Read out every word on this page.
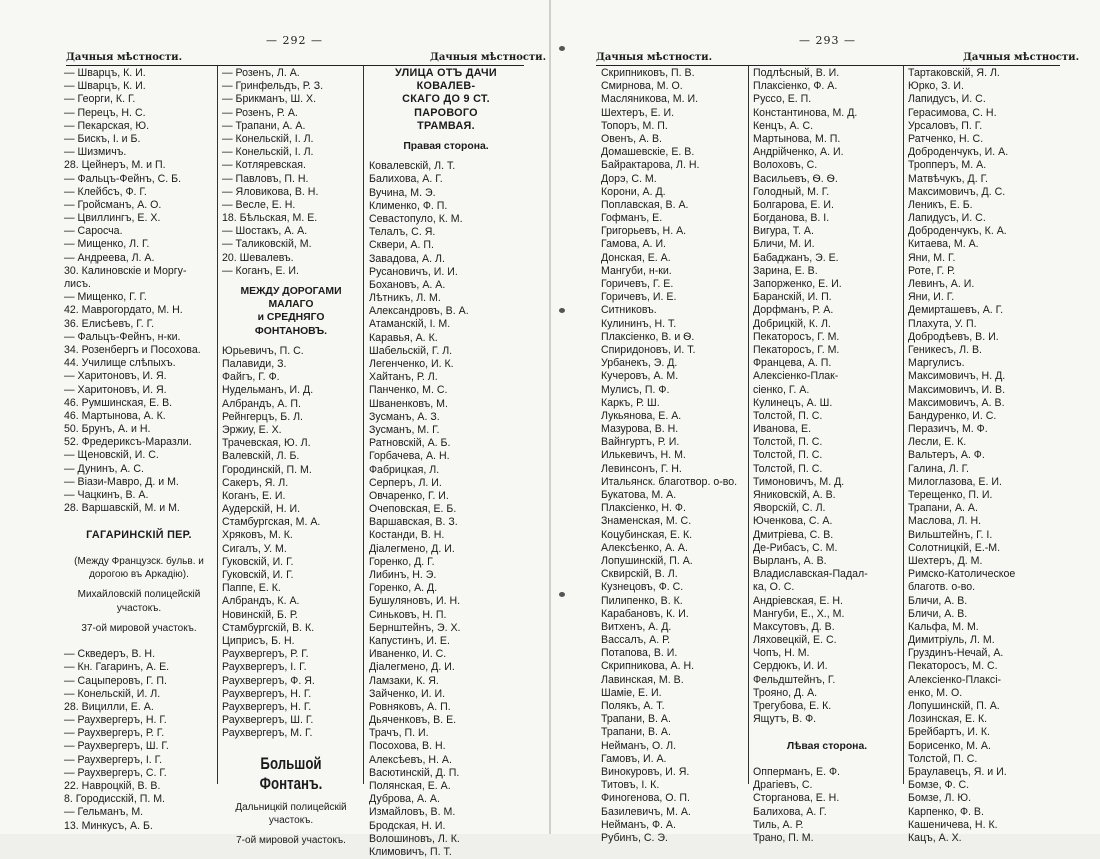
— 292 —
Дачныя мѣстности.	Дачныя мѣстности.
— Шварцъ, К. И.
— Шварцъ, К. И.
— Георги, К. Г.
— Перецъ, Н. С.
— Пекарская, Ю.
— Бискъ, І. и Б.
— Шизмичъ.
28. Цейнеръ, М. и П.
— Фальцъ-Фейнъ, С. Б.
— Клейбсъ, Ф. Г.
— Гройсманъ, А. О.
— Цвиллингъ, Е. Х.
— Саросча.
— Мищенко, Л. Г.
— Андреева, Л. А.
30. Калиновскіе и Моргу-
лисъ.
— Мищенко, Г. Г.
42. Маврогордато, М. Н.
36. Елисѣевъ, Г. Г.
— Фальцъ-Фейнъ, н-ки.
34. Розенбергъ и Посохова.
44. Училище слѣпыхъ.
— Харитоновъ, И. Я.
— Харитоновъ, И. Я.
46. Румшинская, Е. В.
46. Мартынова, А. К.
50. Брунъ, А. и Н.
52. Фредериксъ-Маразли.
— Щеновскій, И. С.
— Дунинъ, А. С.
— Віази-Мавро, Д. и М.
— Чацкинъ, В. А.
28. Варшавскій, М. и М.
ГАГАРИНСКІЙ ПЕР.
(Между Французск. бульв. и дорогою въ Аркадію).
Михайловскій полицейскій участокъ.
37-ой мировой участокъ.
— Скведеръ, В. Н.
— Кн. Гагаринъ, А. Е.
— Сацыперовъ, Г. П.
— Конельскій, И. Л.
28. Вицилли, Е. А.
— Раухвергеръ, Н. Г.
— Раухвергеръ, Р. Г.
— Раухвергеръ, Ш. Г.
— Раухвергеръ, І. Г.
— Раухвергеръ, С. Г.
22. Навроцкій, В. В.
8. Городисскій, П. М.
— Гельманъ, М.
13. Минкусъ, А. Б.
— Розенъ, Л. А.
— Гринфельдъ, Р. З.
— Брикманъ, Ш. Х.
— Розенъ, Р. А.
— Трапани, А. А.
— Конельскій, І. Л.
— Конельскій, І. Л.
— Котляревская.
— Павловъ, П. Н.
— Яловикова, В. Н.
— Весле, Е. Н.
18. Бѣльская, М. Е.
— Шостакъ, А. А.
— Таликовскій, М.
20. Шевалевъ.
— Коганъ, Е. И.
МЕЖДУ ДОРОГАМИ МАЛАГО
и СРЕДНЯГО ФОНТАНОВЪ.
Юрьевичъ, П. С.
Палавиди, З.
Файгъ, Г. Ф.
Нудельманъ, И. Д.
Албрандъ, А. П.
Рейнгерцъ, Б. Л.
Эржиу, Е. Х.
Трачевская, Ю. Л.
Валевскій, Л. Б.
Городинскій, П. М.
Сакеръ, Я. Л.
Коганъ, Е. И.
Аудерскій, Н. И.
Стамбургская, М. А.
Хряковъ, М. К.
Сигалъ, У. М.
Гуковскій, И. Г.
Гуковскій, И. Г.
Паппе, Е. К.
Албрандъ, К. А.
Новинскій, Б. Р.
Стамбургскій, В. К.
Циприсъ, Б. Н.
Раухвергеръ, Р. Г.
Раухвергеръ, І. Г.
Раухвергеръ, Ф. Я.
Раухвергеръ, Н. Г.
Раухвергеръ, Н. Г.
Раухвергеръ, Ш. Г.
Раухвергеръ, М. Г.
Большой Фонтанъ.
Дальницкій полицейскій участокъ.
7-ой мировой участокъ.
УЛИЦА ОТЪ ДАЧИ КОВАЛЕВ-
СКАГО ДО 9 СТ. ПАРОВОГО
ТРАМВАЯ.
Правая сторона.
Ковалевскій, Л. Т.
Балихова, А. Г.
Вучина, М. Э.
Клименко, Ф. П.
Севастопуло, К. М.
Телалъ, С. Я.
Сквери, А. П.
Завадова, А. Л.
Русановичъ, И. И.
Бохановъ, А. А.
Лѣтникъ, Л. М.
Александровъ, В. А.
Атаманскій, І. М.
Каравья, А. К.
Шабельскій, Г. Л.
Легенченко, И. К.
Хайтанъ, Р. Л.
Панченко, М. С.
Шваненковъ, М.
Зусманъ, А. З.
Зусманъ, М. Г.
Ратновскій, А. Б.
Горбачева, А. Н.
Фабрицкая, Л.
Серперъ, Л. И.
Овчаренко, Г. И.
Очеповская, Е. Б.
Варшавская, В. З.
Костанди, В. Н.
Діалегмено, Д. И.
Горенко, Д. Г.
Либинъ, Н. Э.
Горенко, А. Д.
Бушуляновъ, И. Н.
Синьковъ, Н. П.
Бернштейнъ, Э. Х.
Капустинъ, И. Е.
Иваненко, И. С.
Діалегмено, Д. И.
Ламзаки, К. Я.
Зайченко, И. И.
Ровняковъ, А. П.
Дьяченковъ, В. Е.
Трачъ, П. И.
Посохова, В. Н.
Алексѣевъ, Н. А.
Васютинскій, Д. П.
Полянская, Е. А.
Дуброва, А. А.
Измайловъ, В. М.
Бродская, Н. И.
Волошиновъ, Л. К.
Климовичъ, П. Т.
— 293 —
Дачныя мѣстности.	Дачныя мѣстности.
Скрипниковъ, П. В.
Смирнова, М. О.
Масляникова, М. И.
Шехтеръ, Е. И.
Топоръ, М. П.
Овенъ, А. В.
Домашевскіе, Е. В.
Байрактарова, Л. Н.
Дорэ, С. М.
Корони, А. Д.
Поплавская, В. А.
Гофманъ, Е.
Григорьевъ, Н. А.
Гамова, А. И.
Донская, Е. А.
Мангуби, н-ки.
Горичевъ, Г. Е.
Горичевъ, И. Е.
Ситниковъ.
Кулининъ, Н. Т.
Плаксіенко, В. и Ѳ.
Спиридоновъ, И. Т.
Урбанекъ, Э. Д.
Кучеровъ, А. М.
Мулисъ, П. Ф.
Каркъ, Р. Ш.
Лукьянова, Е. А.
Мазурова, В. Н.
Вайнгуртъ, Р. И.
Илькевичъ, Н. М.
Левинсонъ, Г. Н.
Итальянск. благотвор. о-во.
Букатова, М. А.
Плаксіенко, Н. Ф.
Знаменская, М. С.
Коцубинская, Е. К.
Алексѣенко, А. А.
Лопушинскій, П. А.
Сквирскій, В. Л.
Кузнецовъ, Ф. С.
Пилипенко, В. К.
Карабановъ, К. И.
Витхенъ, А. Д.
Вассалъ, А. Р.
Потапова, В. И.
Скрипникова, А. Н.
Лавинская, М. В.
Шамiе, Е. И.
Полякъ, А. Т.
Трапани, В. А.
Трапани, В. А.
Нейманъ, О. Л.
Гамовъ, И. А.
Винокуровъ, И. Я.
Титовъ, І. К.
Финогенова, О. П.
Базилевичъ, М. А.
Нейманъ, Ф. А.
Рубинъ, С. Э.
Подлѣсный, В. И.
Плаксіенко, Ф. А.
Руссо, Е. П.
Константинова, М. Д.
Кенцъ, А. С.
Мартынова, М. П.
Андрійченко, А. И.
Волоховъ, С.
Васильевъ, Ѳ. Ѳ.
Голодный, М. Г.
Болгарова, Е. И.
Богданова, В. І.
Вигура, Т. А.
Бличи, М. И.
Бабаджанъ, Э. Е.
Зарина, Е. В.
Запорженко, Е. И.
Баранскій, И. П.
Дорфманъ, Р. А.
Добрицкій, К. Л.
Пекаторосъ, Г. М.
Пекаторосъ, Г. М.
Францева, А. П.
Алексіенко-Плак-
сіенко, Г. А.
Кулинецъ, А. Ш.
Толстой, П. С.
Иванова, Е.
Толстой, П. С.
Толстой, П. С.
Толстой, П. С.
Тимоновичъ, М. Д.
Яниковскій, А. В.
Яворскій, С. Л.
Юченкова, С. А.
Дмитріева, С. В.
Де-Рибасъ, С. М.
Вырланъ, А. В.
Владиславская-Падал-
ка, О. С.
Андріевская, Е. Н.
Мангуби, Е., Х., М.
Максутовъ, Д. В.
Ляховецкій, Е. С.
Чопъ, Н. М.
Сердюкъ, И. И.
Фельдштейнъ, Г.
Трояно, Д. А.
Трегубова, Е. К.
Ящутъ, В. Ф.
Лѣвая сторона.
Опперманъ, Е. Ф.
Драгіевъ, С.
Сторганова, Е. Н.
Балихова, А. Г.
Тиль, А. Р.
Трано, П. М.
Тартаковскій, Я. Л.
Юрко, З. И.
Лапидусъ, И. С.
Герасимова, С. Н.
Урсаловъ, П. Г.
Ратченко, Н. С.
Доброденчукъ, И. А.
Тропперъ, М. А.
Матвѣчукъ, Д. Г.
Максимовичъ, Д. С.
Леникъ, Е. Б.
Лапидусъ, И. С.
Доброденчукъ, К. А.
Китаева, М. А.
Яни, М. Г.
Роте, Г. Р.
Левинъ, А. И.
Яни, И. Г.
Демирташевъ, А. Г.
Плахута, У. П.
Добродѣевъ, В. И.
Геникесъ, Л. В.
Маргулисъ.
Максимовичъ, Н. Д.
Максимовичъ, И. В.
Максимовичъ, А. В.
Бандуренко, И. С.
Перазичъ, М. Ф.
Лесли, Е. К.
Вальтеръ, А. Ф.
Галина, Л. Г.
Милоглазова, Е. И.
Терещенко, П. И.
Трапани, А. А.
Маслова, Л. Н.
Вильштейнъ, Г. І.
Солотницкій, Е.-М.
Шехтеръ, Д. М.
Римско-Католическое
благотв. о-во.
Бличи, А. В.
Бличи, А. В.
Кальфа, М. М.
Димитріуль, Л. М.
Груздинъ-Нечай, А.
Пекаторосъ, М. С.
Алексіенко-Плаксі-
енко, М. О.
Лопушинскій, П. А.
Лозинская, Е. К.
Брейбартъ, И. К.
Борисенко, М. А.
Толстой, П. С.
Браулавецъ, Я. и И.
Бомзе, Ф. С.
Бомзе, Л. Ю.
Карпенко, Ф. В.
Кашеничева, Н. К.
Кацъ, А. Х.
